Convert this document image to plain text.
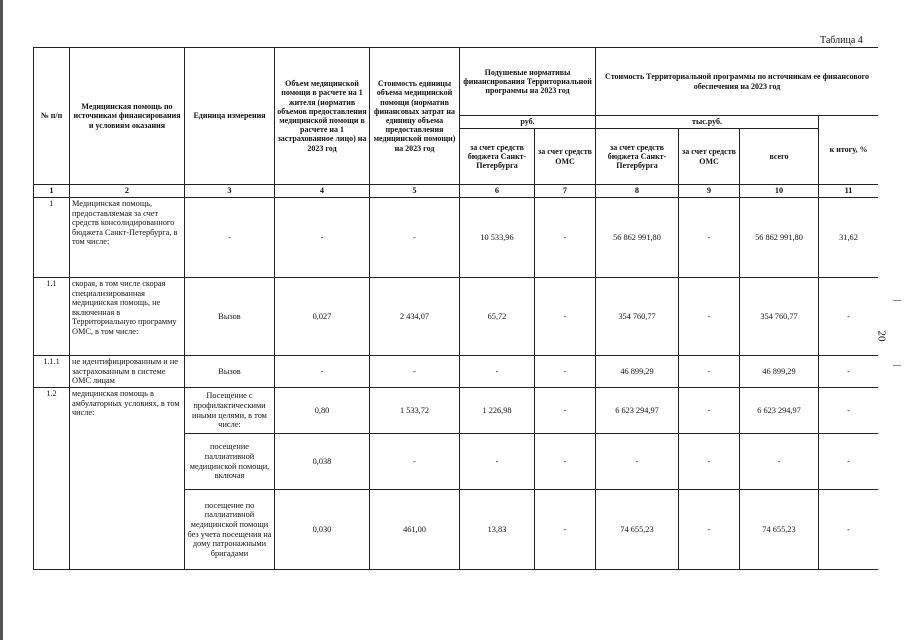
Таблица 4
20
№ п/п	Медицинская помощь по источникам финансирования и условиям оказания	Единица измерения	Объем медицинской помощи в расчете на 1 жителя (норматив объемов предоставления медицинской помощи в расчете на 1 застрахованное лицо) на 2023 год	Стоимость единицы объема медицинской помощи (норматив финансовых затрат на единицу объема предоставления медицинской помощи) на 2023 год	Подушевые нормативы финансирования Территориальной программы на 2023 год		Стоимость Территориальной программы по источникам ее финансового обеспечения на 2023 год			
					руб.		тыс.руб.			к итогу, %
					за счет средств бюджета Санкт-Петербурга	за счет средств ОМС	за счет средств бюджета Санкт-Петербурга	за счет средств ОМС	всего	
1	2	3	4	5	6	7	8	9	10	11
1	Медицинская помощь, предоставляемая за счет средств консолидированного бюджета Санкт-Петербурга, в том числе:	-	-	-	10 533,96	-	56 862 991,80	-	56 862 991,80	31,62
1.1	скорая, в том числе скорая специализированная медицинская помощь, не включенная в Территориальную программу ОМС, в том числе:	Вызов	0,027	2 434,07	65,72	-	354 760,77	-	354 760,77	-
1.1.1	не идентифицированным и не застрахованным в системе ОМС лицам	Вызов	-	-	-	-	46 899,29	-	46 899,29	-
1.2	медицинская помощь в амбулаторных условиях, в том числе:	Посещение с профилактическими иными целями, в том числе:	0,80	1 533,72	1 226,98	-	6 623 294,97	-	6 623 294,97	-
		посещение паллиативной медицинской помощи, включая	0,038	-	-	-	-	-	-	-
		посещение по паллиативной медицинской помощи без учета посещения на дому патронажными бригадами	0,030	461,00	13,83	-	74 655,23	-	74 655,23	-
